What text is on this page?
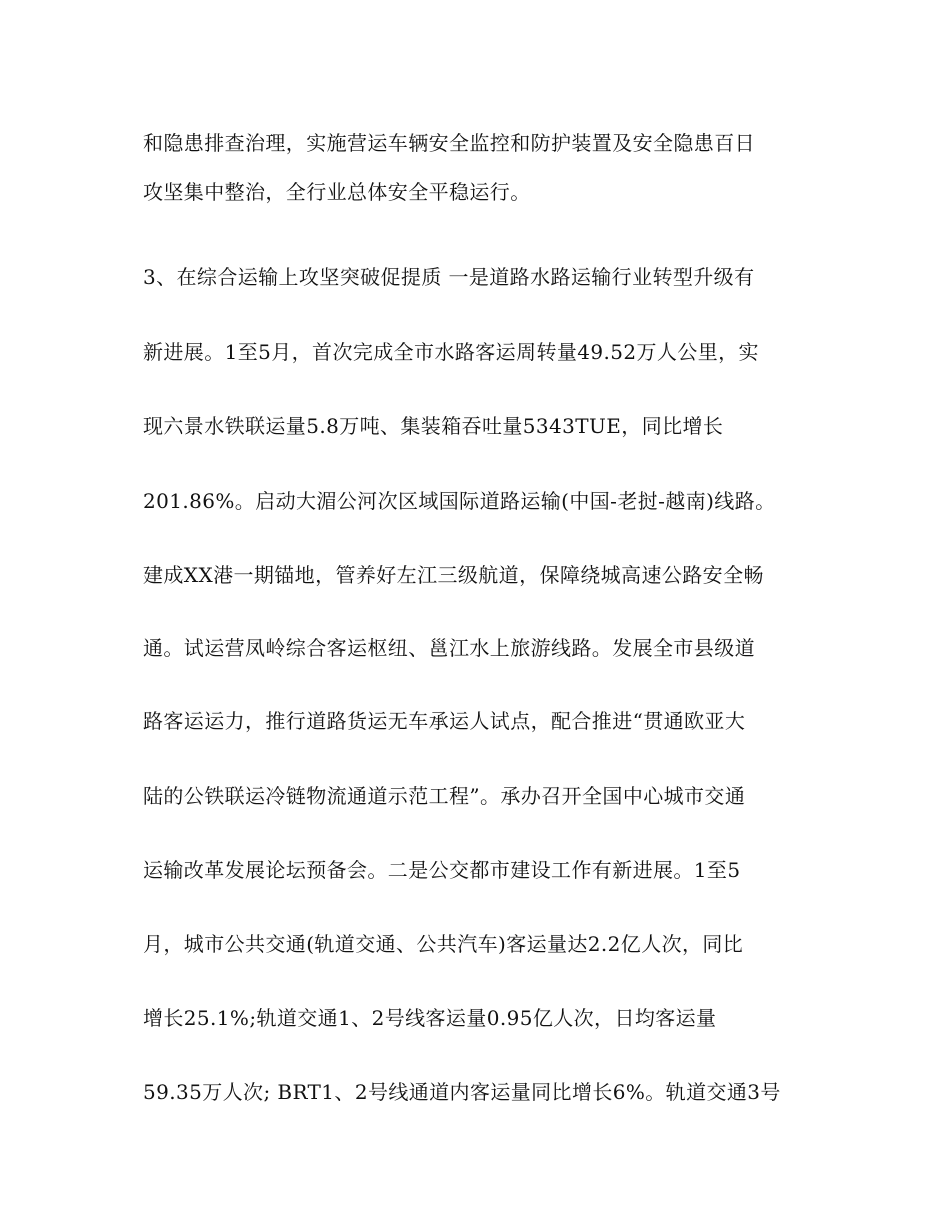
和隐患排查治理，实施营运车辆安全监控和防护装置及安全隐患百日
攻坚集中整治，全行业总体安全平稳运行。
3、在综合运输上攻坚突破促提质 一是道路水路运输行业转型升级有
新进展。1至5月，首次完成全市水路客运周转量49.52万人公里，实
现六景水铁联运量5.8万吨、集装箱吞吐量5343TUE，同比增长
201.86%。启动大湄公河次区域国际道路运输(中国-老挝-越南)线路。
建成XX港一期锚地，管养好左江三级航道，保障绕城高速公路安全畅
通。试运营凤岭综合客运枢纽、邕江水上旅游线路。发展全市县级道
路客运运力，推行道路货运无车承运人试点，配合推进“贯通欧亚大
陆的公铁联运冷链物流通道示范工程”。承办召开全国中心城市交通
运输改革发展论坛预备会。二是公交都市建设工作有新进展。1至5
月，城市公共交通(轨道交通、公共汽车)客运量达2.2亿人次，同比
增长25.1%;轨道交通1、2号线客运量0.95亿人次，日均客运量
59.35万人次; BRT1、2号线通道内客运量同比增长6%。轨道交通3号
